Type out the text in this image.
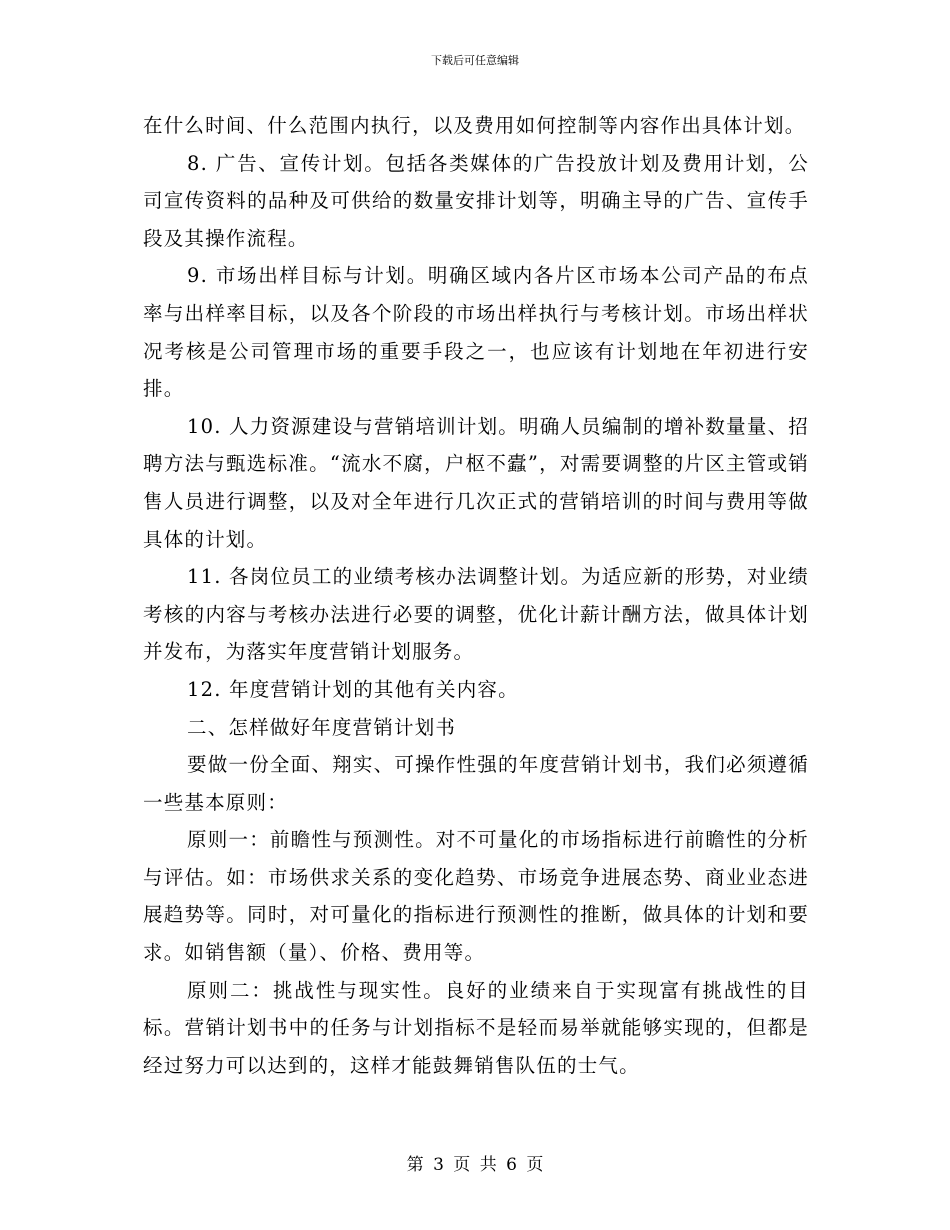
下载后可任意编辑

在什么时间、什么范围内执行，以及费用如何控制等内容作出具体计划。

8. 广告、宣传计划。包括各类媒体的广告投放计划及费用计划，公司宣传资料的品种及可供给的数量安排计划等，明确主导的广告、宣传手段及其操作流程。

9. 市场出样目标与计划。明确区域内各片区市场本公司产品的布点率与出样率目标，以及各个阶段的市场出样执行与考核计划。市场出样状况考核是公司管理市场的重要手段之一，也应该有计划地在年初进行安排。

10. 人力资源建设与营销培训计划。明确人员编制的增补数量量、招聘方法与甄选标准。“流水不腐，户枢不蠹”，对需要调整的片区主管或销售人员进行调整，以及对全年进行几次正式的营销培训的时间与费用等做具体的计划。

11. 各岗位员工的业绩考核办法调整计划。为适应新的形势，对业绩考核的内容与考核办法进行必要的调整，优化计薪计酬方法，做具体计划并发布，为落实年度营销计划服务。

12. 年度营销计划的其他有关内容。

二、怎样做好年度营销计划书

要做一份全面、翔实、可操作性强的年度营销计划书，我们必须遵循一些基本原则：

原则一：前瞻性与预测性。对不可量化的市场指标进行前瞻性的分析与评估。如：市场供求关系的变化趋势、市场竞争进展态势、商业业态进展趋势等。同时，对可量化的指标进行预测性的推断，做具体的计划和要求。如销售额（量）、价格、费用等。

原则二：挑战性与现实性。良好的业绩来自于实现富有挑战性的目标。营销计划书中的任务与计划指标不是轻而易举就能够实现的，但都是经过努力可以达到的，这样才能鼓舞销售队伍的士气。

第 3 页 共 6 页
